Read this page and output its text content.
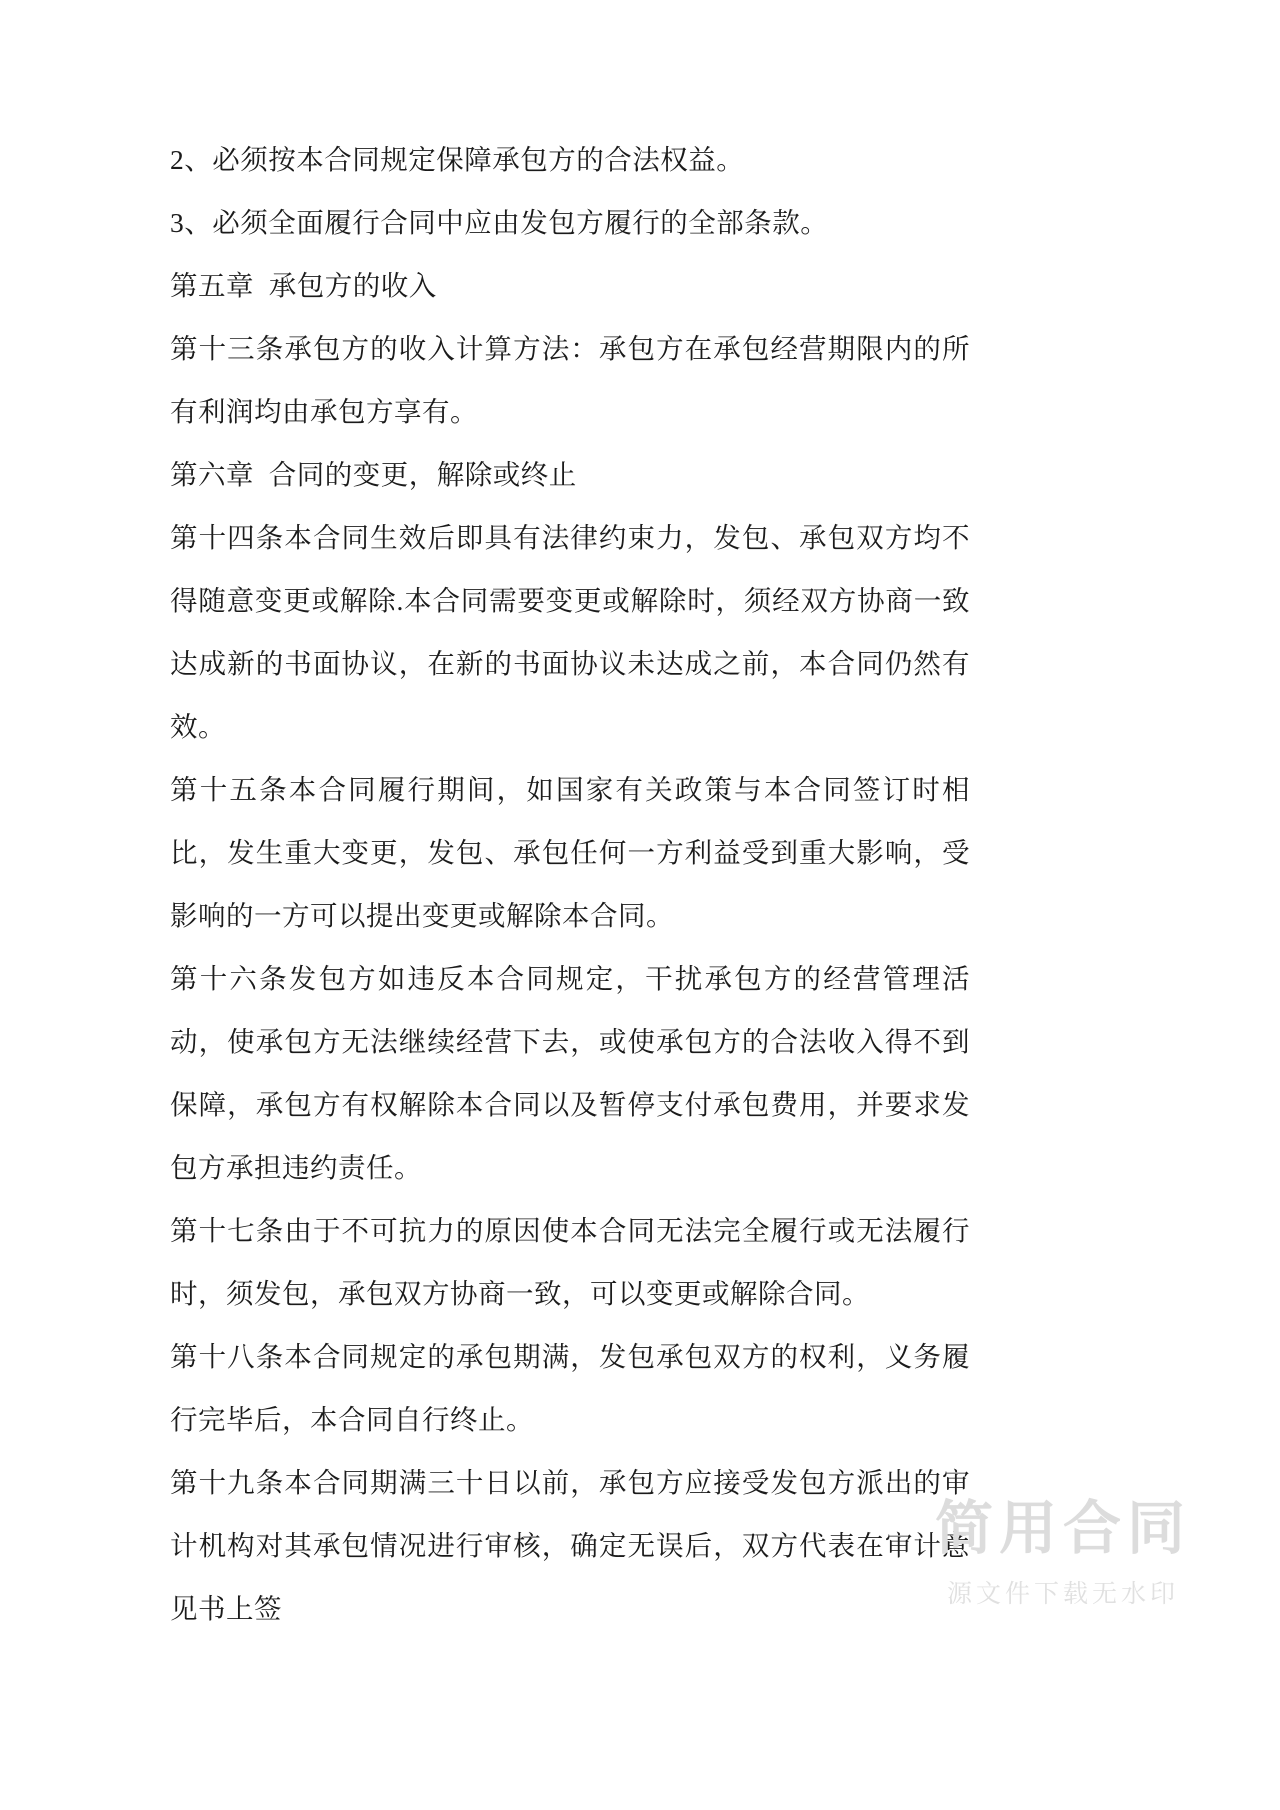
2、必须按本合同规定保障承包方的合法权益。

3、必须全面履行合同中应由发包方履行的全部条款。

第五章  承包方的收入

第十三条承包方的收入计算方法：承包方在承包经营期限内的所有利润均由承包方享有。

第六章  合同的变更，解除或终止

第十四条本合同生效后即具有法律约束力，发包、承包双方均不得随意变更或解除.本合同需要变更或解除时，须经双方协商一致达成新的书面协议，在新的书面协议未达成之前，本合同仍然有效。

第十五条本合同履行期间，如国家有关政策与本合同签订时相比，发生重大变更，发包、承包任何一方利益受到重大影响，受影响的一方可以提出变更或解除本合同。

第十六条发包方如违反本合同规定，干扰承包方的经营管理活动，使承包方无法继续经营下去，或使承包方的合法收入得不到保障，承包方有权解除本合同以及暂停支付承包费用，并要求发包方承担违约责任。

第十七条由于不可抗力的原因使本合同无法完全履行或无法履行时，须发包，承包双方协商一致，可以变更或解除合同。

第十八条本合同规定的承包期满，发包承包双方的权利，义务履行完毕后，本合同自行终止。

第十九条本合同期满三十日以前，承包方应接受发包方派出的审计机构对其承包情况进行审核，确定无误后，双方代表在审计意见书上签

简用合同
源文件下载无水印
